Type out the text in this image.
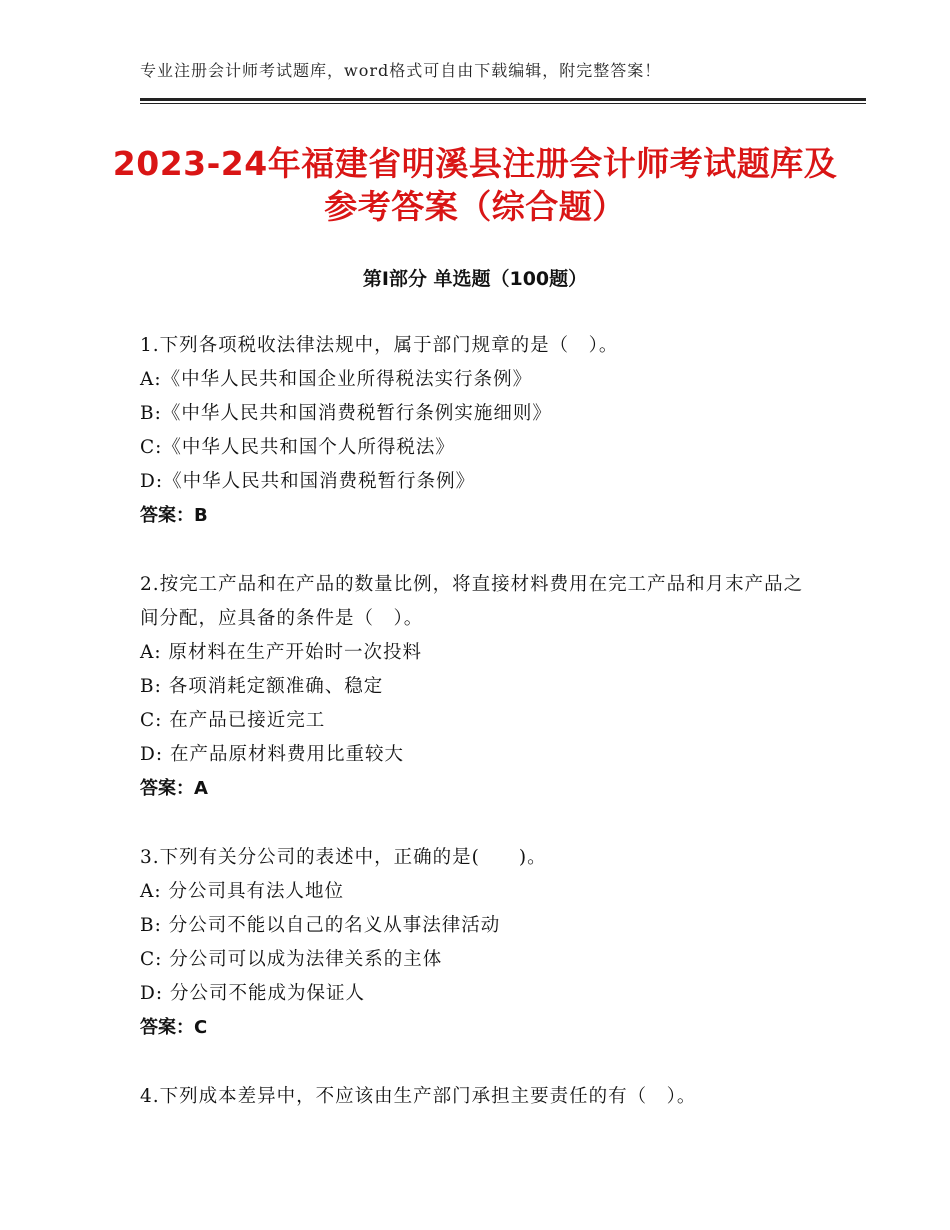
专业注册会计师考试题库，word格式可自由下载编辑，附完整答案！
2023-24年福建省明溪县注册会计师考试题库及参考答案（综合题）
第I部分 单选题（100题）
1.下列各项税收法律法规中，属于部门规章的是（　）。
A:《中华人民共和国企业所得税法实行条例》
B:《中华人民共和国消费税暂行条例实施细则》
C:《中华人民共和国个人所得税法》
D:《中华人民共和国消费税暂行条例》
答案：B
2.按完工产品和在产品的数量比例，将直接材料费用在完工产品和月末产品之间分配，应具备的条件是（　）。
A: 原材料在生产开始时一次投料
B: 各项消耗定额准确、稳定
C: 在产品已接近完工
D: 在产品原材料费用比重较大
答案：A
3.下列有关分公司的表述中，正确的是(　　)。
A: 分公司具有法人地位
B: 分公司不能以自己的名义从事法律活动
C: 分公司可以成为法律关系的主体
D: 分公司不能成为保证人
答案：C
4.下列成本差异中，不应该由生产部门承担主要责任的有（　）。
